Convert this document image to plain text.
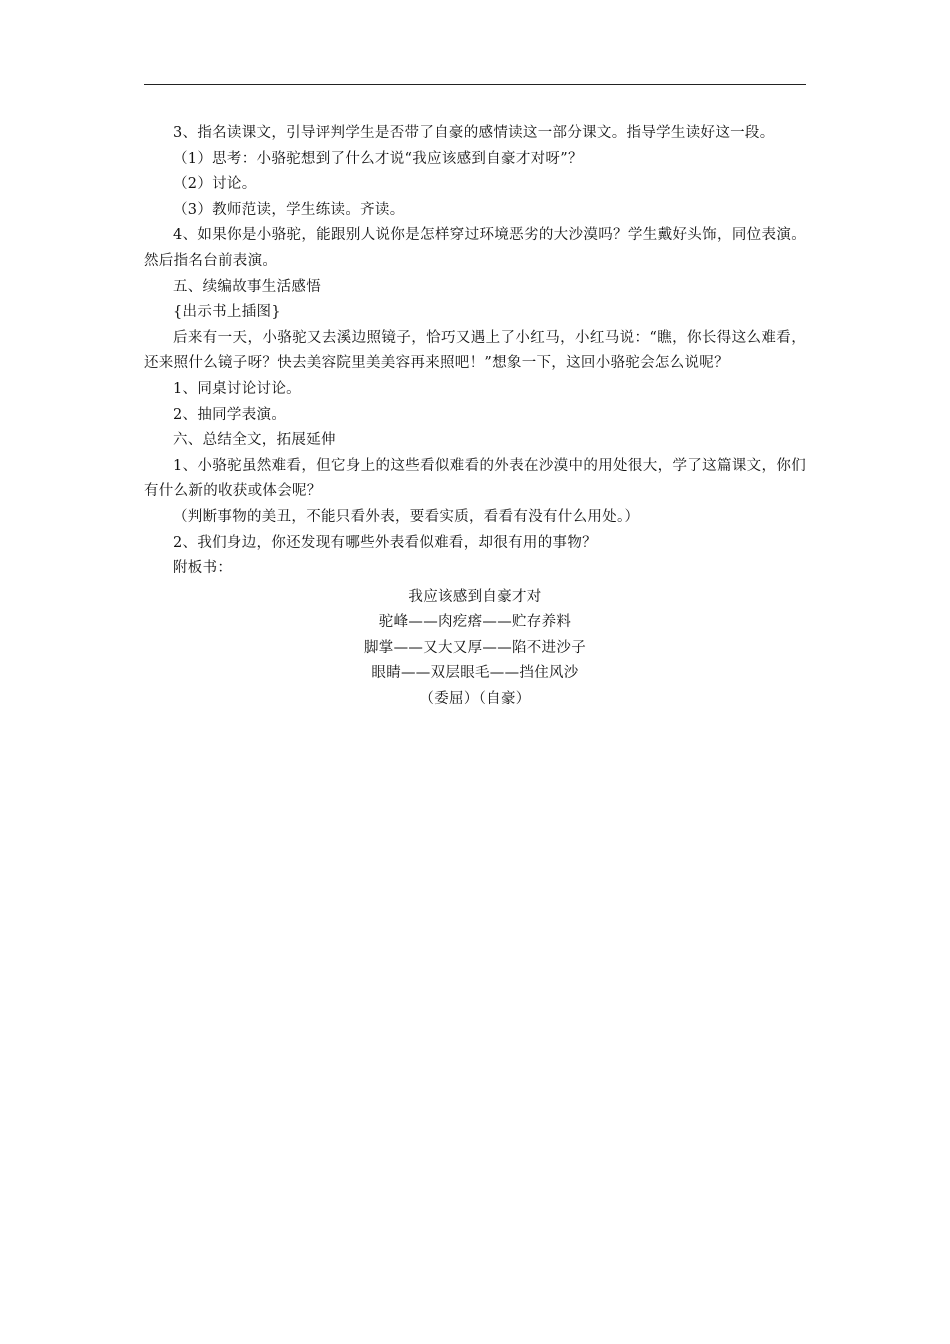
3、指名读课文，引导评判学生是否带了自豪的感情读这一部分课文。指导学生读好这一段。

（1）思考：小骆驼想到了什么才说“我应该感到自豪才对呀”？

（2）讨论。

（3）教师范读，学生练读。齐读。

4、如果你是小骆驼，能跟别人说你是怎样穿过环境恶劣的大沙漠吗？学生戴好头饰，同位表演。然后指名台前表演。

五、续编故事生活感悟

{出示书上插图}

后来有一天，小骆驼又去溪边照镜子，恰巧又遇上了小红马，小红马说：“瞧，你长得这么难看，还来照什么镜子呀？快去美容院里美美容再来照吧！”想象一下，这回小骆驼会怎么说呢？

1、同桌讨论讨论。

2、抽同学表演。

六、总结全文，拓展延伸

1、小骆驼虽然难看，但它身上的这些看似难看的外表在沙漠中的用处很大，学了这篇课文，你们有什么新的收获或体会呢？

（判断事物的美丑，不能只看外表，要看实质，看看有没有什么用处。）

2、我们身边，你还发现有哪些外表看似难看，却很有用的事物？

附板书：

我应该感到自豪才对

驼峰——肉疙瘩——贮存养料

脚掌——又大又厚——陷不进沙子

眼睛——双层眼毛——挡住风沙

（委屈）（自豪）
